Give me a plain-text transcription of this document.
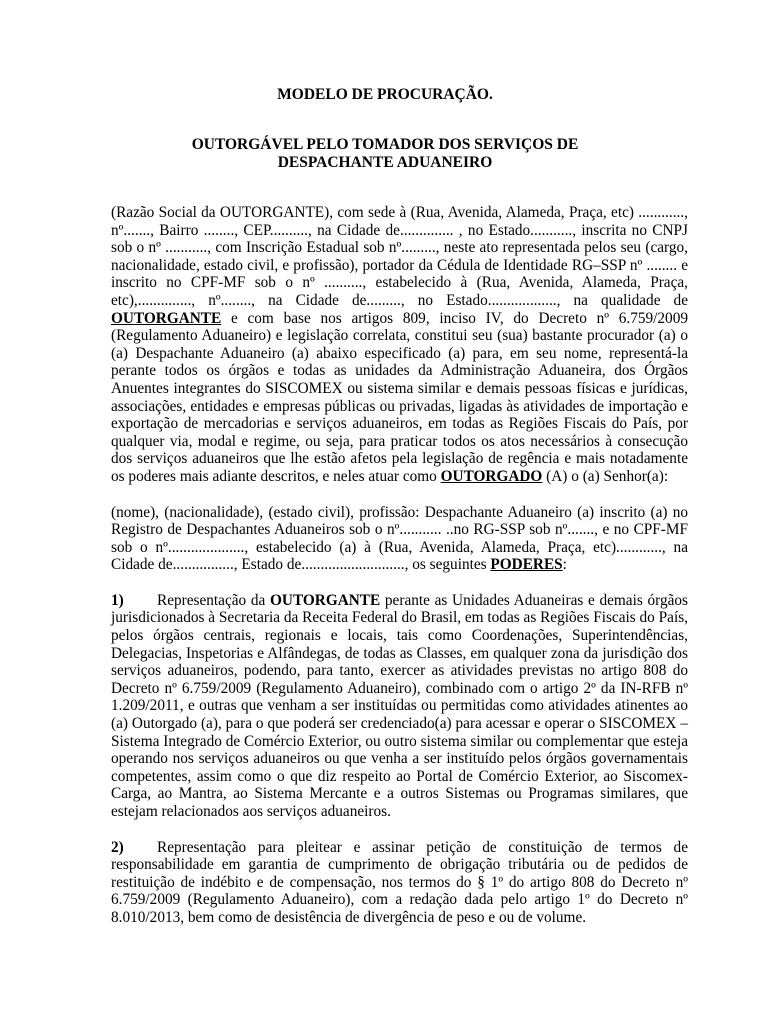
MODELO DE PROCURAÇÃO.
OUTORGÁVEL PELO TOMADOR DOS SERVIÇOS DE
DESPACHANTE ADUANEIRO

(Razão Social da OUTORGANTE), com sede à (Rua, Avenida, Alameda, Praça, etc) ............, nº......., Bairro ........, CEP.........., na Cidade de.............. , no Estado..........., inscrita no CNPJ sob o nº ..........., com Inscrição Estadual sob nº........., neste ato representada pelos seu (cargo, nacionalidade, estado civil, e profissão), portador da Cédula de Identidade RG–SSP nº ........ e inscrito no CPF-MF sob o nº .........., estabelecido à (Rua, Avenida, Alameda, Praça, etc),.............., nº........, na Cidade de........., no Estado.................., na qualidade de OUTORGANTE e com base nos artigos 809, inciso IV, do Decreto nº 6.759/2009 (Regulamento Aduaneiro) e legislação correlata, constitui seu (sua) bastante procurador (a) o (a) Despachante Aduaneiro (a) abaixo especificado (a) para, em seu nome, representá-la perante todos os órgãos e todas as unidades da Administração Aduaneira, dos Órgãos Anuentes integrantes do SISCOMEX ou sistema similar e demais pessoas físicas e jurídicas, associações, entidades e empresas públicas ou privadas, ligadas às atividades de importação e exportação de mercadorias e serviços aduaneiros, em todas as Regiões Fiscais do País, por qualquer via, modal e regime, ou seja, para praticar todos os atos necessários à consecução dos serviços aduaneiros que lhe estão afetos pela legislação de regência e mais notadamente os poderes mais adiante descritos, e neles atuar como OUTORGADO (A) o (a) Senhor(a):

(nome), (nacionalidade), (estado civil), profissão: Despachante Aduaneiro (a) inscrito (a) no Registro de Despachantes Aduaneiros sob o nº........... ..no RG-SSP sob nº......., e no CPF-MF sob o nº...................., estabelecido (a) à (Rua, Avenida, Alameda, Praça, etc)............, na Cidade de................, Estado de..........................., os seguintes PODERES:

1) Representação da OUTORGANTE perante as Unidades Aduaneiras e demais órgãos jurisdicionados à Secretaria da Receita Federal do Brasil, em todas as Regiões Fiscais do País, pelos órgãos centrais, regionais e locais, tais como Coordenações, Superintendências, Delegacias, Inspetorias e Alfândegas, de todas as Classes, em qualquer zona da jurisdição dos serviços aduaneiros, podendo, para tanto, exercer as atividades previstas no artigo 808 do Decreto nº 6.759/2009 (Regulamento Aduaneiro), combinado com o artigo 2º da IN-RFB nº 1.209/2011, e outras que venham a ser instituídas ou permitidas como atividades atinentes ao (a) Outorgado (a), para o que poderá ser credenciado(a) para acessar e operar o SISCOMEX – Sistema Integrado de Comércio Exterior, ou outro sistema similar ou complementar que esteja operando nos serviços aduaneiros ou que venha a ser instituído pelos órgãos governamentais competentes, assim como o que diz respeito ao Portal de Comércio Exterior, ao Siscomex-Carga, ao Mantra, ao Sistema Mercante e a outros Sistemas ou Programas similares, que estejam relacionados aos serviços aduaneiros.

2) Representação para pleitear e assinar petição de constituição de termos de responsabilidade em garantia de cumprimento de obrigação tributária ou de pedidos de restituição de indébito e de compensação, nos termos do § 1º do artigo 808 do Decreto nº 6.759/2009 (Regulamento Aduaneiro), com a redação dada pelo artigo 1º do Decreto nº 8.010/2013, bem como de desistência de divergência de peso e ou de volume.
